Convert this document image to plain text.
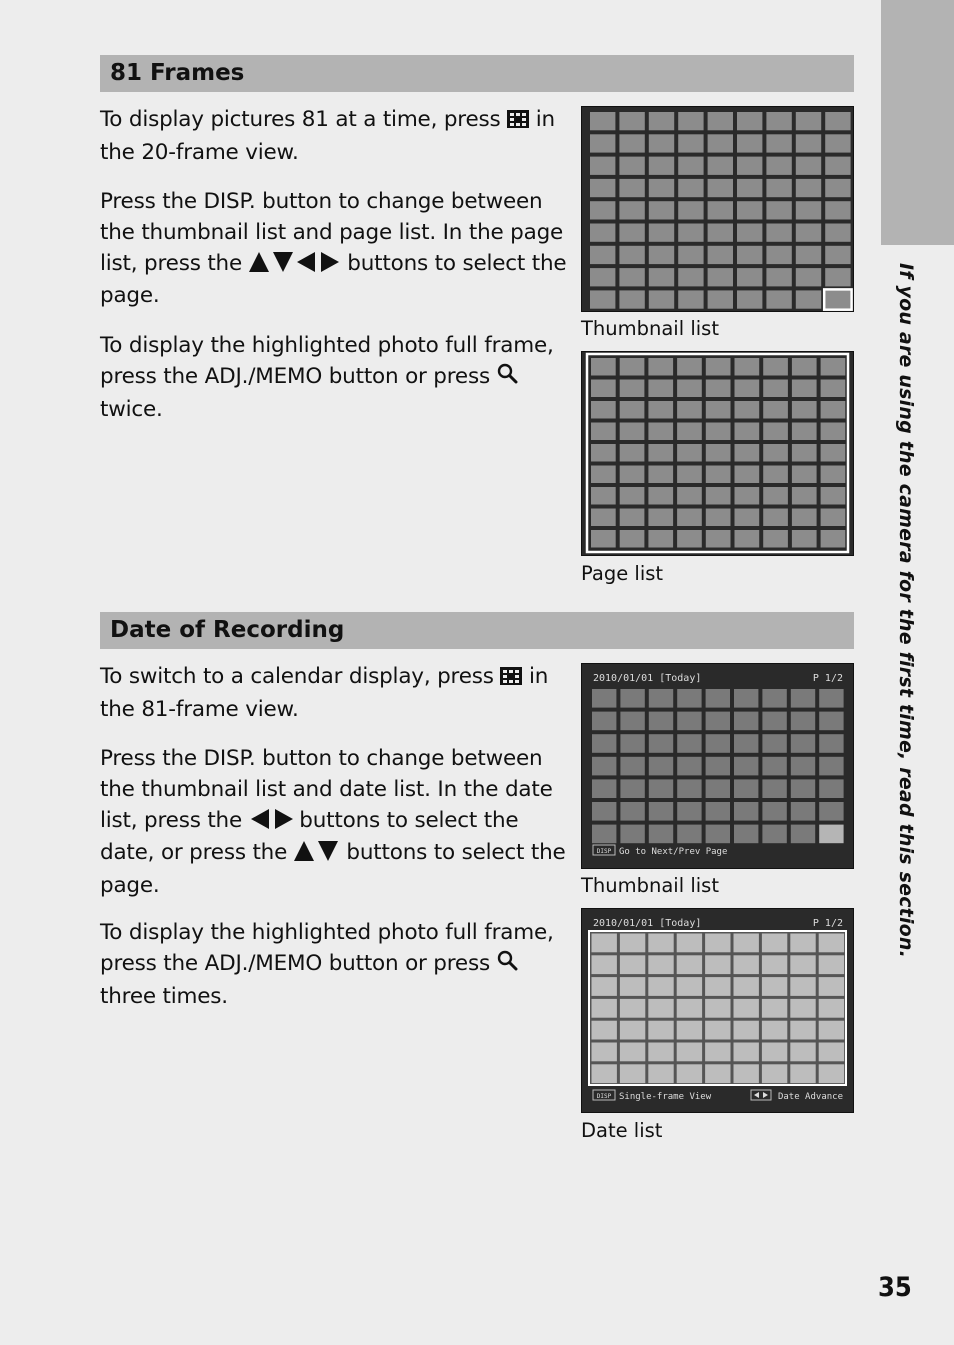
If you are using the camera for the first time, read this section.
81 Frames

To display pictures 81 at a time, press  in the 20-frame view.

Press the DISP. button to change between the thumbnail list and page list. In the page list, press the	buttons to select the page.

To display the highlighted photo full frame, press the ADJ./MEMO button or press  twice.

Thumbnail list
Page list
Date of Recording

To switch to a calendar display, press  in the 81-frame view.

Press the DISP. button to change between the thumbnail list and date list. In the date list, press the  buttons to select the date, or press the  buttons to select the page.

To display the highlighted photo full frame, press the ADJ./MEMO button or press  three times.

2010/01/01 [Today]	P 1/2
DISP Go to Next/Prev Page
Thumbnail list
2010/01/01 [Today]	P 1/2
DISP Single-frame View	Date Advance
Date list
35
